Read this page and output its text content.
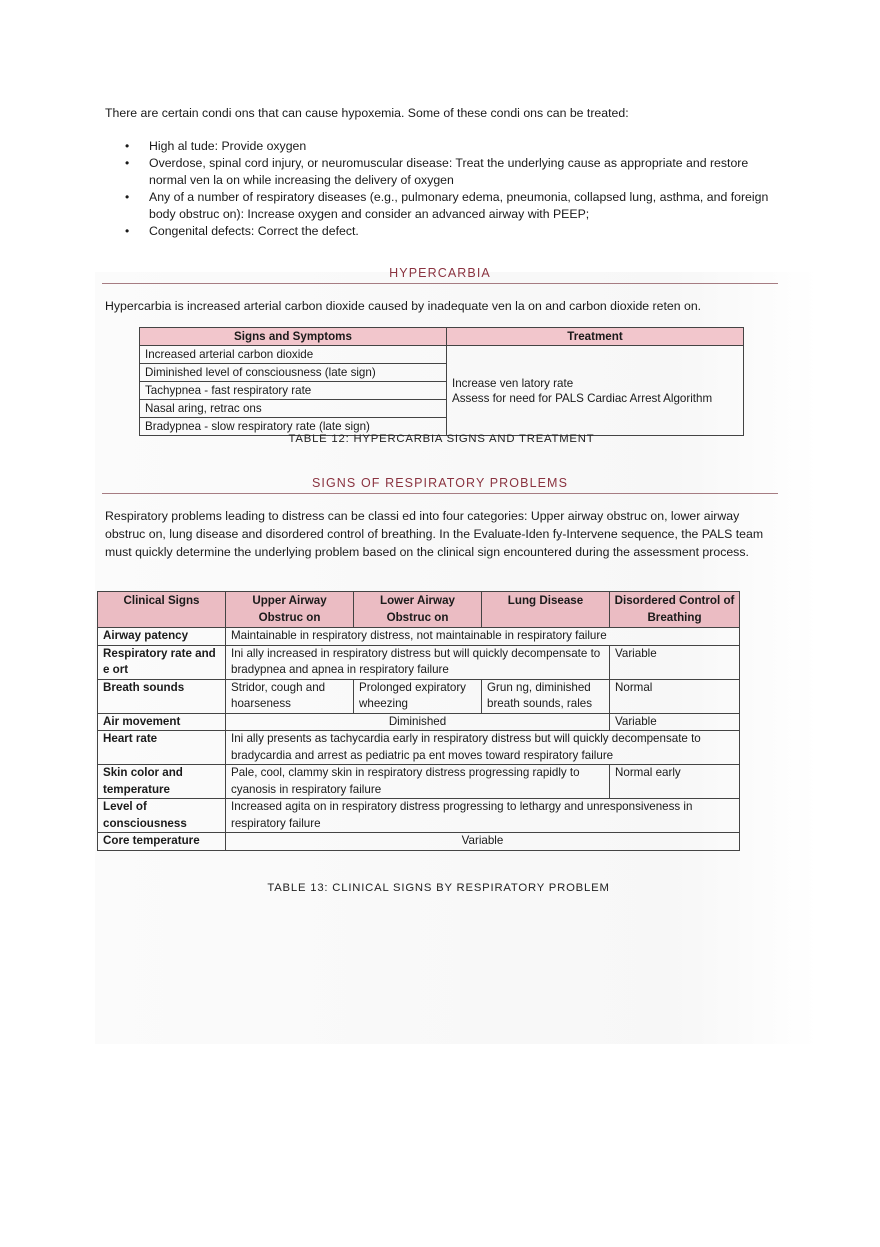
There are certain condi ons that can cause hypoxemia. Some of these condi ons can be treated:

• High al tude: Provide oxygen
• Overdose, spinal cord injury, or neuromuscular disease: Treat the underlying cause as appropriate and restore normal ven la on while increasing the delivery of oxygen
• Any of a number of respiratory diseases (e.g., pulmonary edema, pneumonia, collapsed lung, asthma, and foreign body obstruc on): Increase oxygen and consider an advanced airway with PEEP;
• Congenital defects: Correct the defect.
HYPERCARBIA

Hypercarbia is increased arterial carbon dioxide caused by inadequate ven la on and carbon dioxide reten on.

Signs and Symptoms	Treatment
Increased arterial carbon dioxide	Increase ven latory rate
Assess for need for PALS Cardiac Arrest Algorithm

Diminished level of consciousness (late sign)	
Tachypnea - fast respiratory rate	
Nasal aring, retrac ons	
Bradypnea - slow respiratory rate (late sign)	
TABLE 12: HYPERCARBIA SIGNS AND TREATMENT
SIGNS OF RESPIRATORY PROBLEMS

Respiratory problems leading to distress can be classi ed into four categories: Upper airway obstruc on, lower airway obstruc on, lung disease and disordered control of breathing. In the Evaluate-Iden fy-Intervene sequence, the PALS team must quickly determine the underlying problem based on the clinical sign encountered during the assessment process.

Clinical Signs	Upper Airway Obstruc on	Lower Airway Obstruc on	Lung Disease	Disordered Control of Breathing
Airway patency	Maintainable in respiratory distress, not maintainable in respiratory failure			
Respiratory rate and e ort	Ini ally increased in respiratory distress but will quickly decompensate to bradypnea and apnea in respiratory failure			Variable
Breath sounds	Stridor, cough and hoarseness	Prolonged expiratory wheezing	Grun ng, diminished breath sounds, rales	Normal
Air movement	Diminished			Variable
Heart rate	Ini ally presents as tachycardia early in respiratory distress but will quickly decompensate to bradycardia and arrest as pediatric pa ent moves toward respiratory failure			
Skin color and temperature	Pale, cool, clammy skin in respiratory distress progressing rapidly to cyanosis in respiratory failure			Normal early
Level of consciousness	Increased agita on in respiratory distress progressing to lethargy and unresponsiveness in respiratory failure			
Core temperature	Variable			
TABLE 13: CLINICAL SIGNS BY RESPIRATORY PROBLEM
